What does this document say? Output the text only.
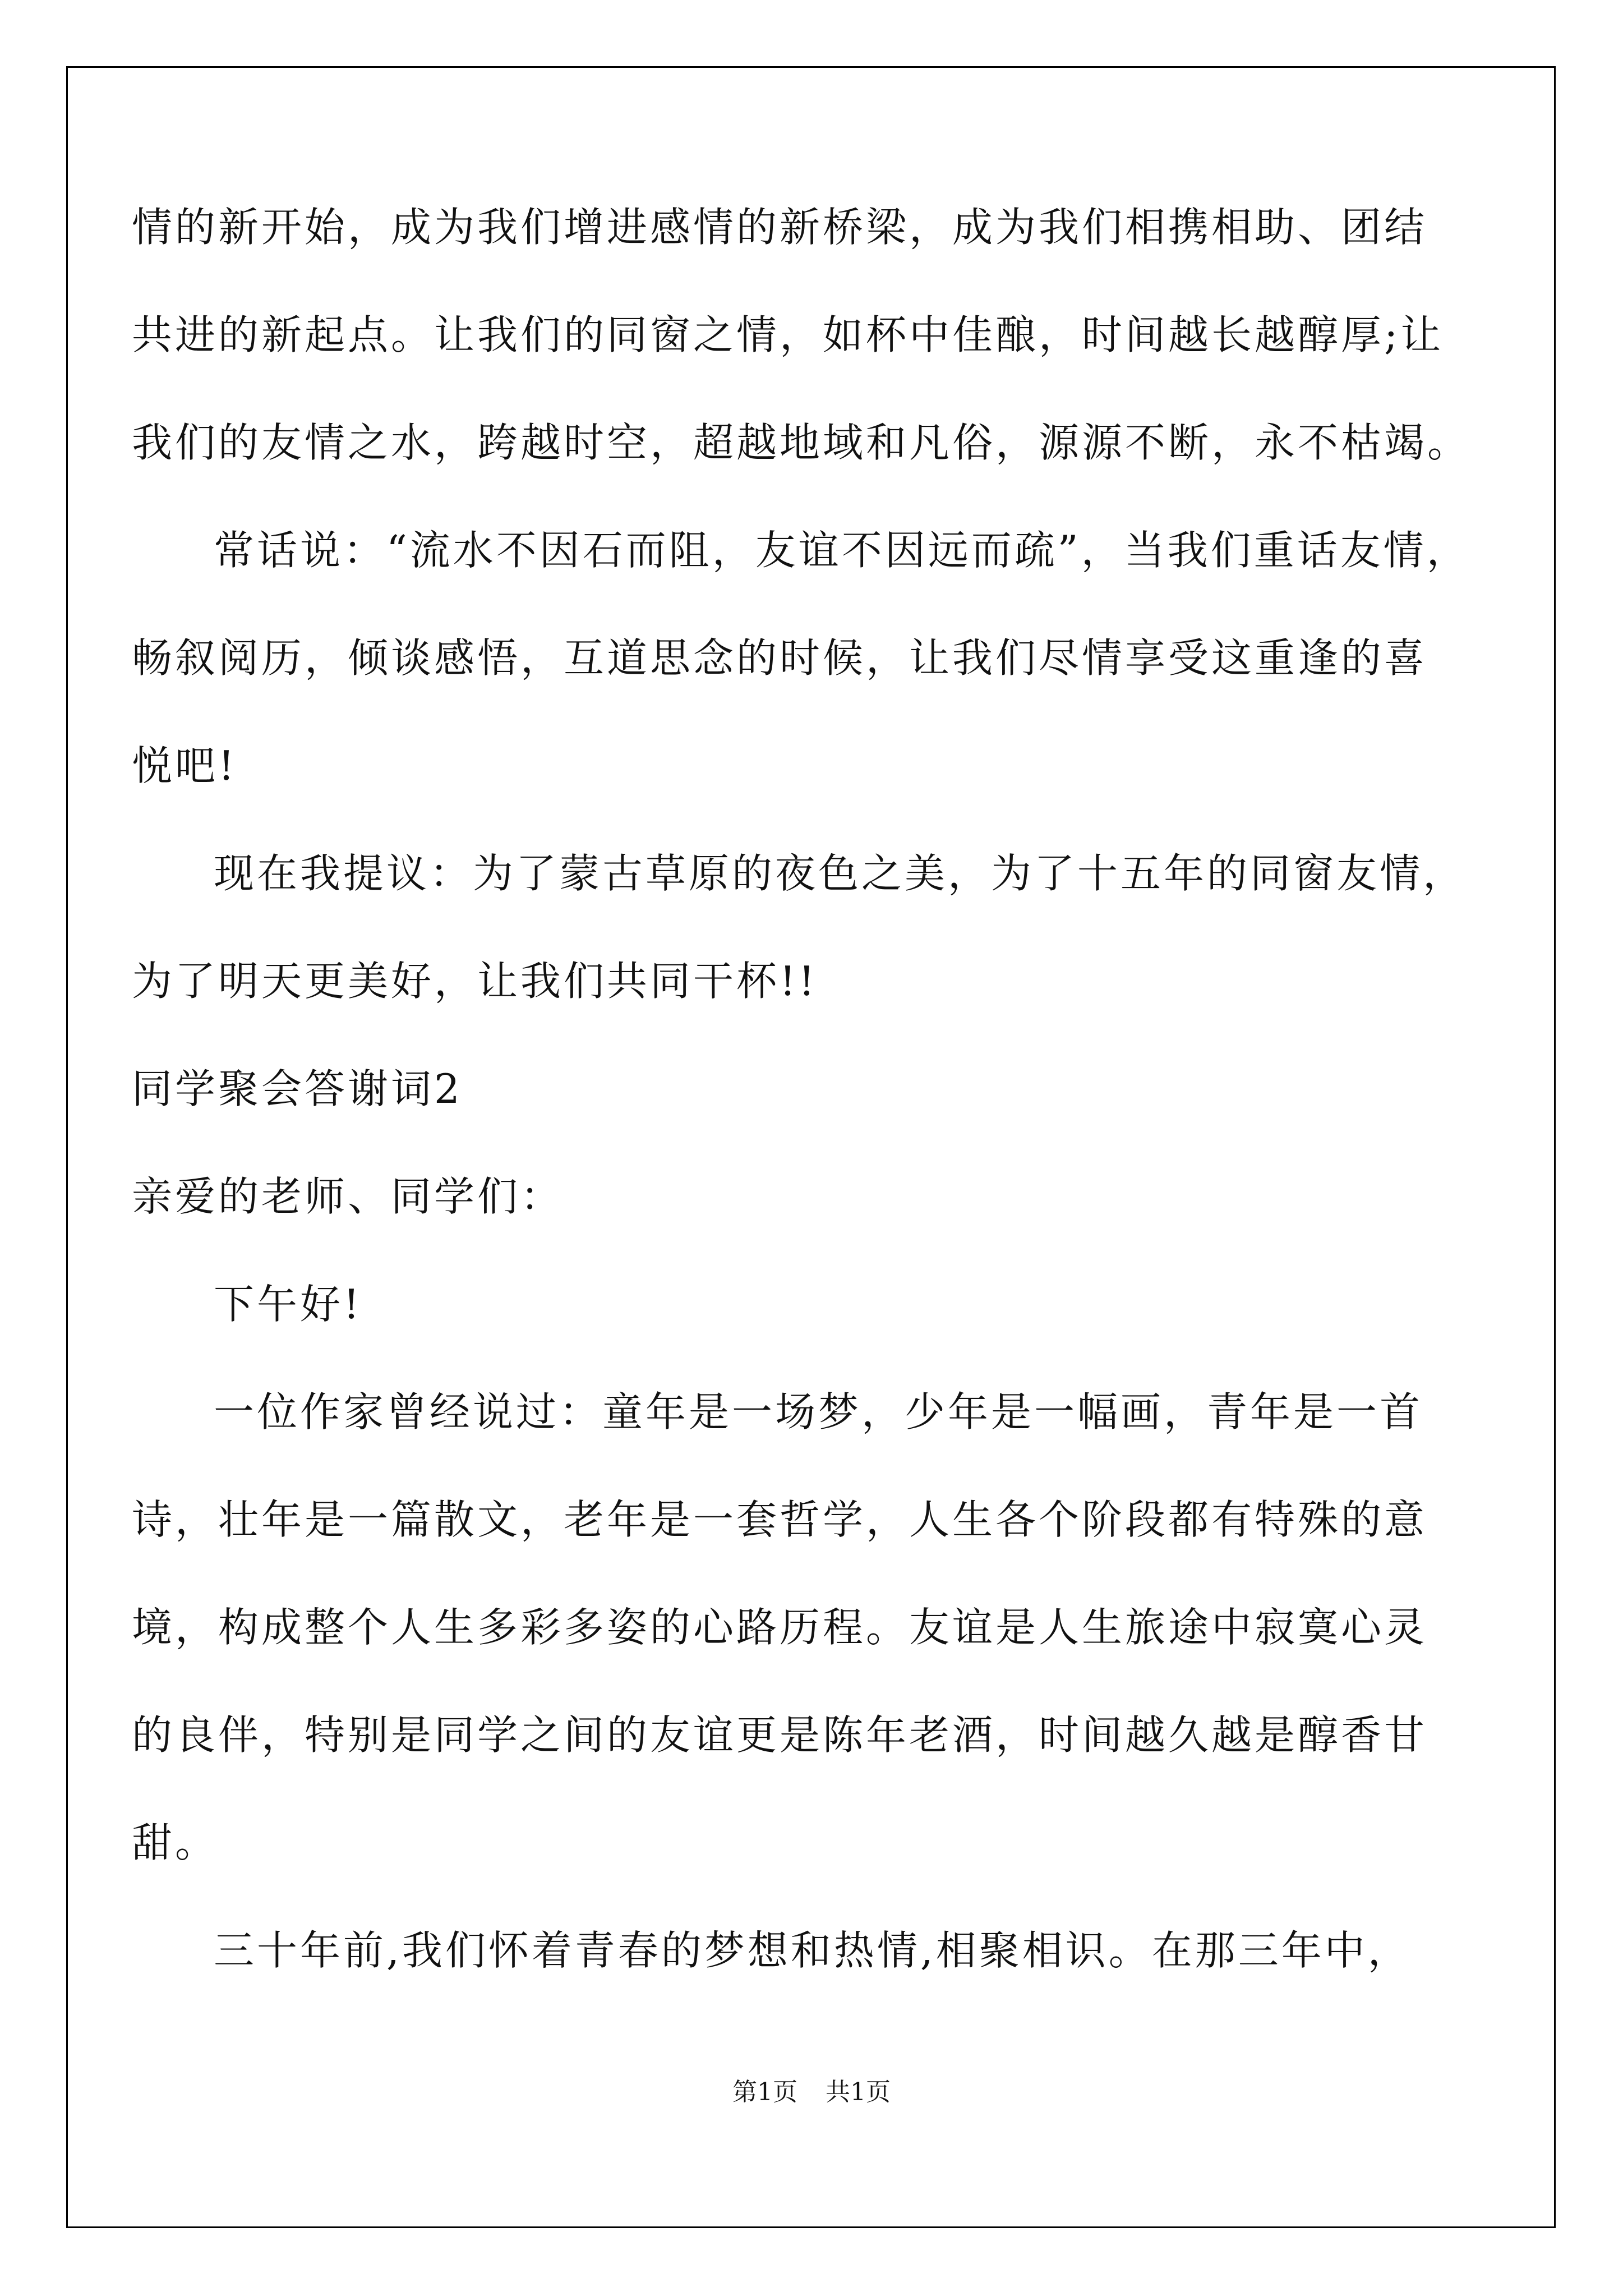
情的新开始，成为我们增进感情的新桥梁，成为我们相携相助、团结
共进的新起点。让我们的同窗之情，如杯中佳酿，时间越长越醇厚;让
我们的友情之水，跨越时空，超越地域和凡俗，源源不断，永不枯竭。
常话说：“流水不因石而阻，友谊不因远而疏”，当我们重话友情，
畅叙阅历，倾谈感悟，互道思念的时候，让我们尽情享受这重逢的喜
悦吧!
现在我提议：为了蒙古草原的夜色之美，为了十五年的同窗友情，
为了明天更美好，让我们共同干杯!!
同学聚会答谢词2
亲爱的老师、同学们：
下午好!
一位作家曾经说过：童年是一场梦，少年是一幅画，青年是一首
诗，壮年是一篇散文，老年是一套哲学，人生各个阶段都有特殊的意
境，构成整个人生多彩多姿的心路历程。友谊是人生旅途中寂寞心灵
的良伴，特别是同学之间的友谊更是陈年老酒，时间越久越是醇香甘
甜。
三十年前,我们怀着青春的梦想和热情,相聚相识。在那三年中，
第1页 共1页
